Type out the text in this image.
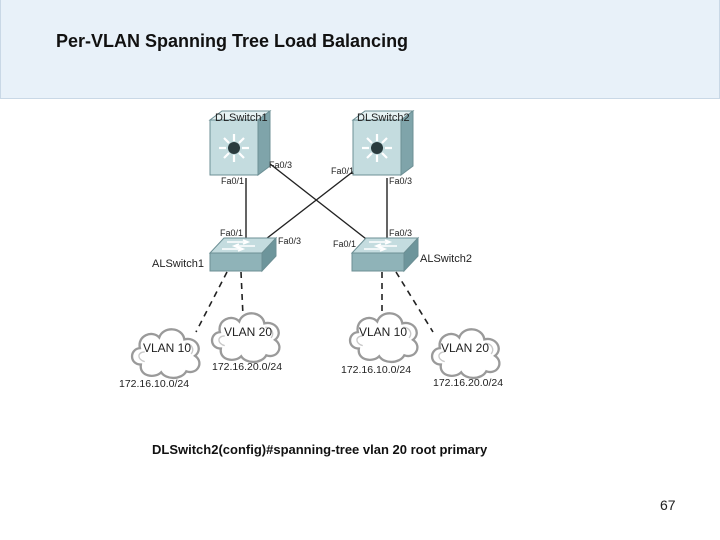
Per-VLAN Spanning Tree Load Balancing
DLSwitch1	DLSwitch2
ALSwitch1	ALSwitch2
Fa0/3
Fa0/1
Fa0/1
Fa0/3
Fa0/1
Fa0/3	Fa0/1
Fa0/3
VLAN 10
VLAN 20	VLAN 10
VLAN 20
172.16.10.0/24
172.16.20.0/24	172.16.10.0/24
172.16.20.0/24
DLSwitch2(config)#spanning-tree vlan 20 root primary
67
